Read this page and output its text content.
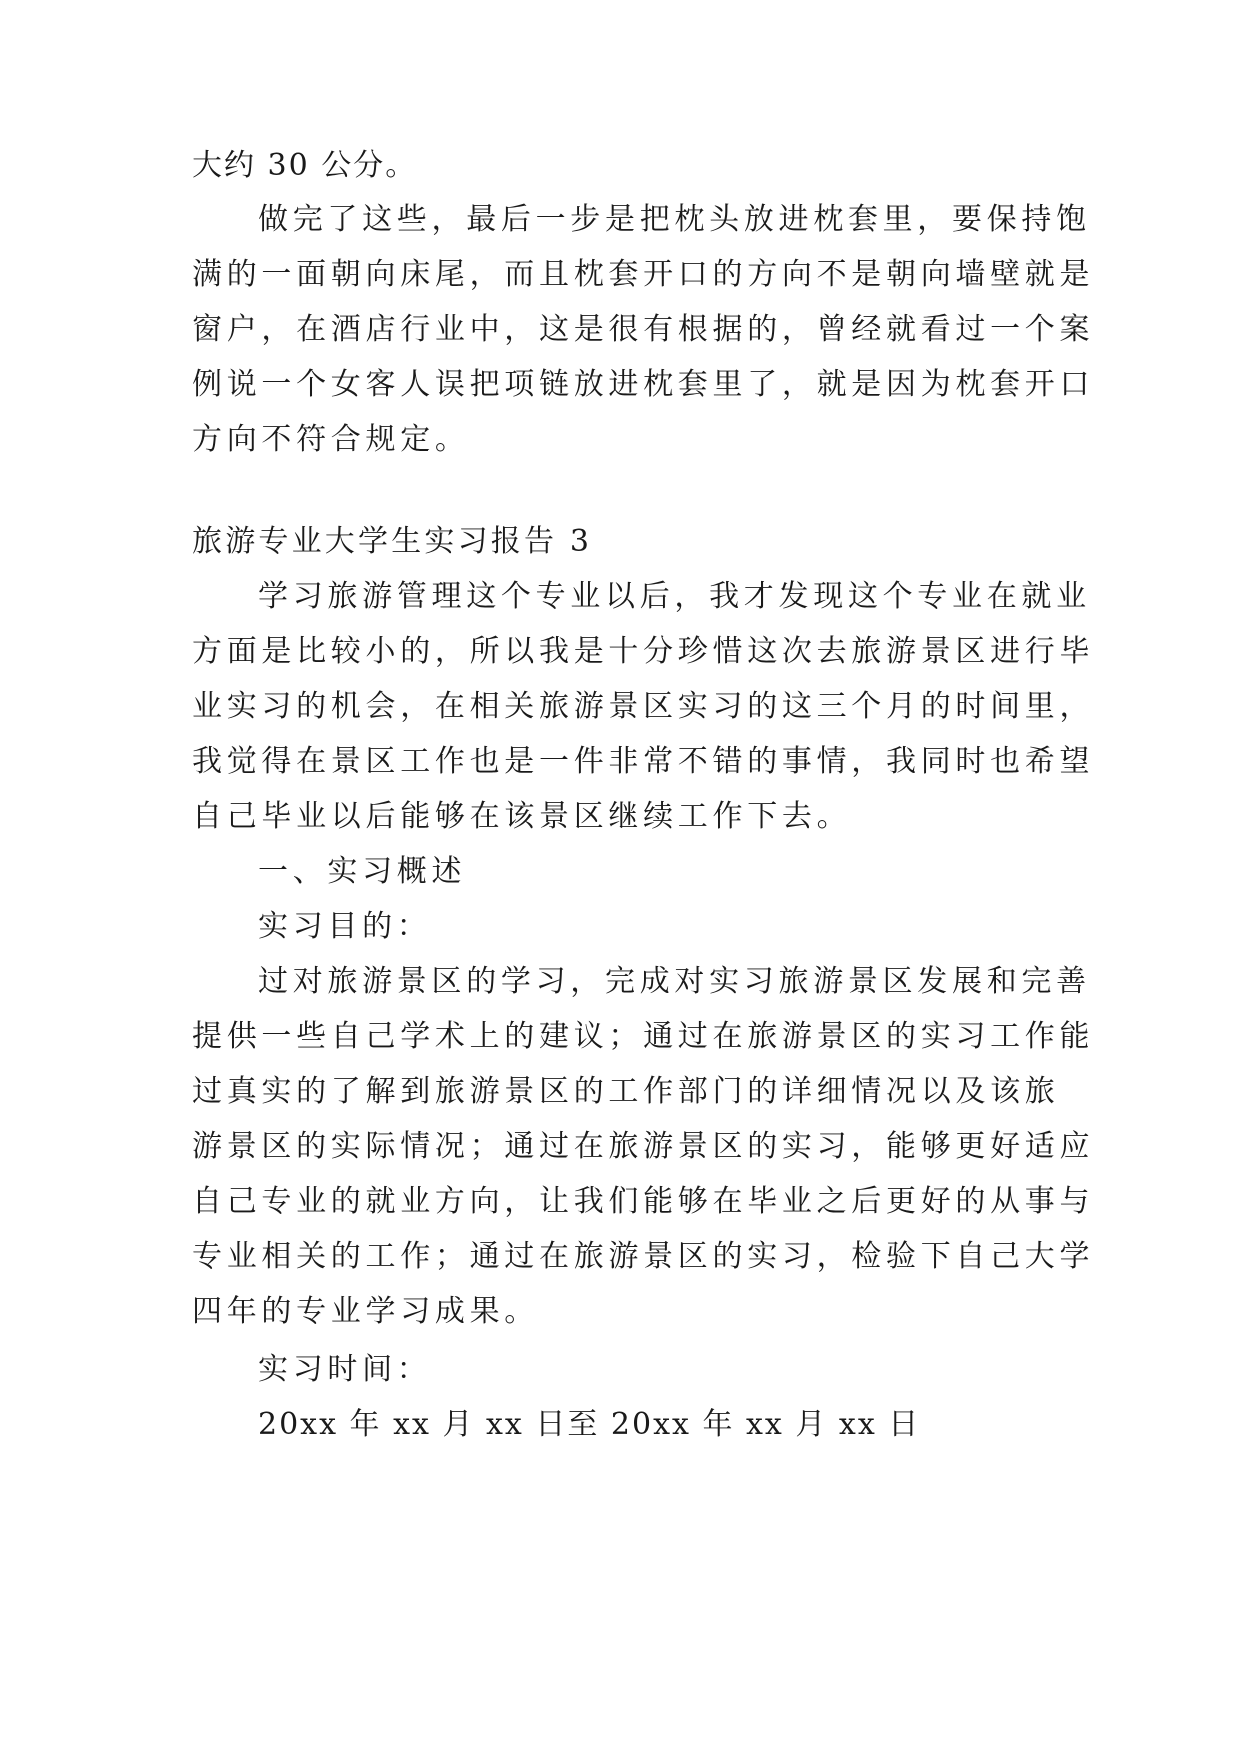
大约 30 公分。
做完了这些，最后一步是把枕头放进枕套里，要保持饱
满的一面朝向床尾，而且枕套开口的方向不是朝向墙壁就是
窗户，在酒店行业中，这是很有根据的，曾经就看过一个案
例说一个女客人误把项链放进枕套里了，就是因为枕套开口
方向不符合规定。
旅游专业大学生实习报告 3
学习旅游管理这个专业以后，我才发现这个专业在就业
方面是比较小的，所以我是十分珍惜这次去旅游景区进行毕
业实习的机会，在相关旅游景区实习的这三个月的时间里，
我觉得在景区工作也是一件非常不错的事情，我同时也希望
自己毕业以后能够在该景区继续工作下去。
一、实习概述
实习目的：
过对旅游景区的学习，完成对实习旅游景区发展和完善
提供一些自己学术上的建议；通过在旅游景区的实习工作能
过真实的了解到旅游景区的工作部门的详细情况以及该旅
游景区的实际情况；通过在旅游景区的实习，能够更好适应
自己专业的就业方向，让我们能够在毕业之后更好的从事与
专业相关的工作；通过在旅游景区的实习，检验下自己大学
四年的专业学习成果。
实习时间：
20xx 年 xx 月 xx 日至 20xx 年 xx 月 xx 日
